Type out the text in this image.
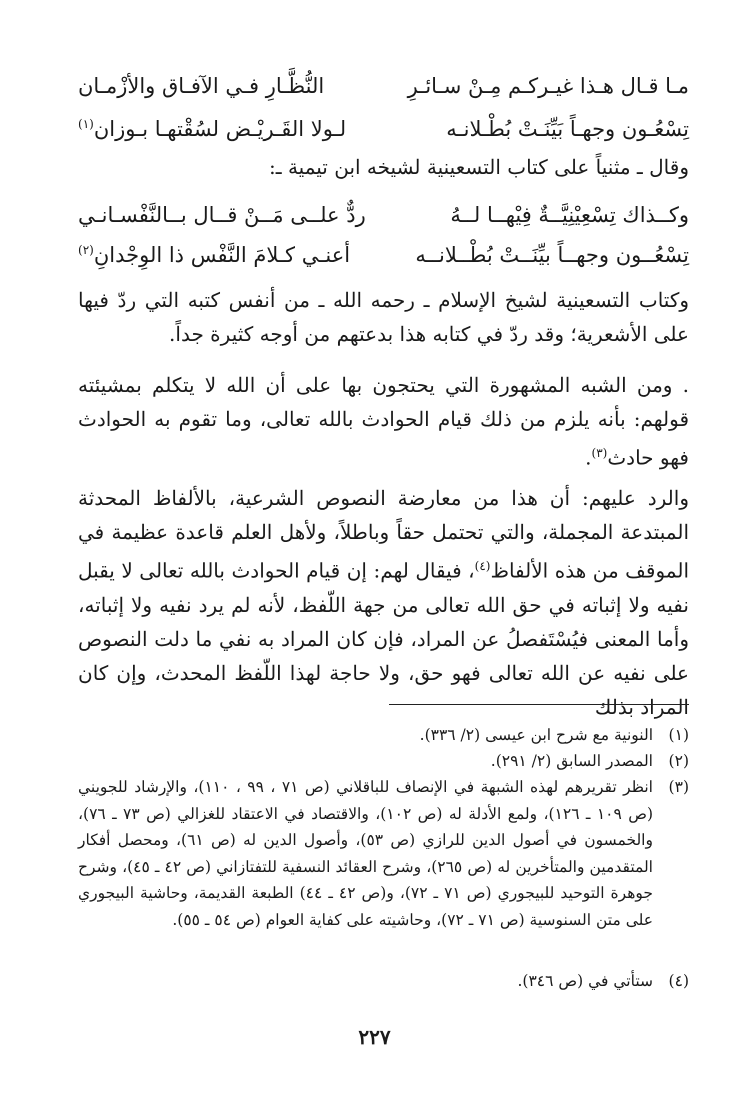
مـا قـال هـذا غيـركـم مِـنْ سـائـرِ
النُّظَّـارِ فـي الآفـاق والأزْمـان
تِسْعُـون وجهـاً بَيِّنَـتْ بُطْـلانـه
لـولا القَـريْـض لسُقْتهـا بـوزان$^{(١)}$
وقال ـ مثنياً على كتاب التسعينية لشيخه ابن تيمية ـ:
وكــذاك تِسْعِيْنِيَّــةٌ فِيْهــا لــهُ
ردٌّ علــى مَــنْ قــال بــالنَّفْسـانـي
تِسْعُــون وجهــاً بيِّنَــتْ بُطْــلانــه
أعنـي كـلامَ النَّفْس ذا الوِجْدانِ$^{(٢)}$
وكتاب التسعينية لشيخ الإسلام ـ رحمه الله ـ من أنفس كتبه التي ردّ فيها على الأشعرية؛ وقد ردّ في كتابه هذا بدعتهم من أوجه كثيرة جداً.
. ومن الشبه المشهورة التي يحتجون بها على أن الله لا يتكلم بمشيئته قولهم: بأنه يلزم من ذلك قيام الحوادث بالله تعالى، وما تقوم به الحوادث فهو حادث$^{(٣)}$.
والرد عليهم: أن هذا من معارضة النصوص الشرعية، بالألفاظ المحدثة المبتدعة المجملة، والتي تحتمل حقاً وباطلاً، ولأهل العلم قاعدة عظيمة في الموقف من هذه الألفاظ$^{(٤)}$، فيقال لهم: إن قيام الحوادث بالله تعالى لا يقبل نفيه ولا إثباته في حق الله تعالى من جهة اللّفظ، لأنه لم يرد نفيه ولا إثباته، وأما المعنى فيُسْتَفصلُ عن المراد، فإن كان المراد به نفي ما دلت النصوص على نفيه عن الله تعالى فهو حق، ولا حاجة لهذا اللّفظ المحدث، وإن كان المراد بذلك
(١)
النونية مع شرح ابن عيسى (٢/ ٣٣٦).
(٢)
المصدر السابق (٢/ ٢٩١).
(٣)
انظر تقريرهم لهذه الشبهة في الإنصاف للباقلاني (ص ٧١ ، ٩٩ ، ١١٠)، والإرشاد للجويني (ص ١٠٩ ـ ١٢٦)، ولمع الأدلة له (ص ١٠٢)، والاقتصاد في الاعتقاد للغزالي (ص ٧٣ ـ ٧٦)، والخمسون في أصول الدين للرازي (ص ٥٣)، وأصول الدين له (ص ٦١)، ومحصل أفكار المتقدمين والمتأخرين له (ص ٢٦٥)، وشرح العقائد النسفية للتفتازاني (ص ٤٢ ـ ٤٥)، وشرح جوهرة التوحيد للبيجوري (ص ٧١ ـ ٧٢)، و(ص ٤٢ ـ ٤٤) الطبعة القديمة، وحاشية البيجوري على متن السنوسية (ص ٧١ ـ ٧٢)، وحاشيته على كفاية العوام (ص ٥٤ ـ ٥٥).
(٤)
ستأتي في (ص ٣٤٦).
٢٢٧
